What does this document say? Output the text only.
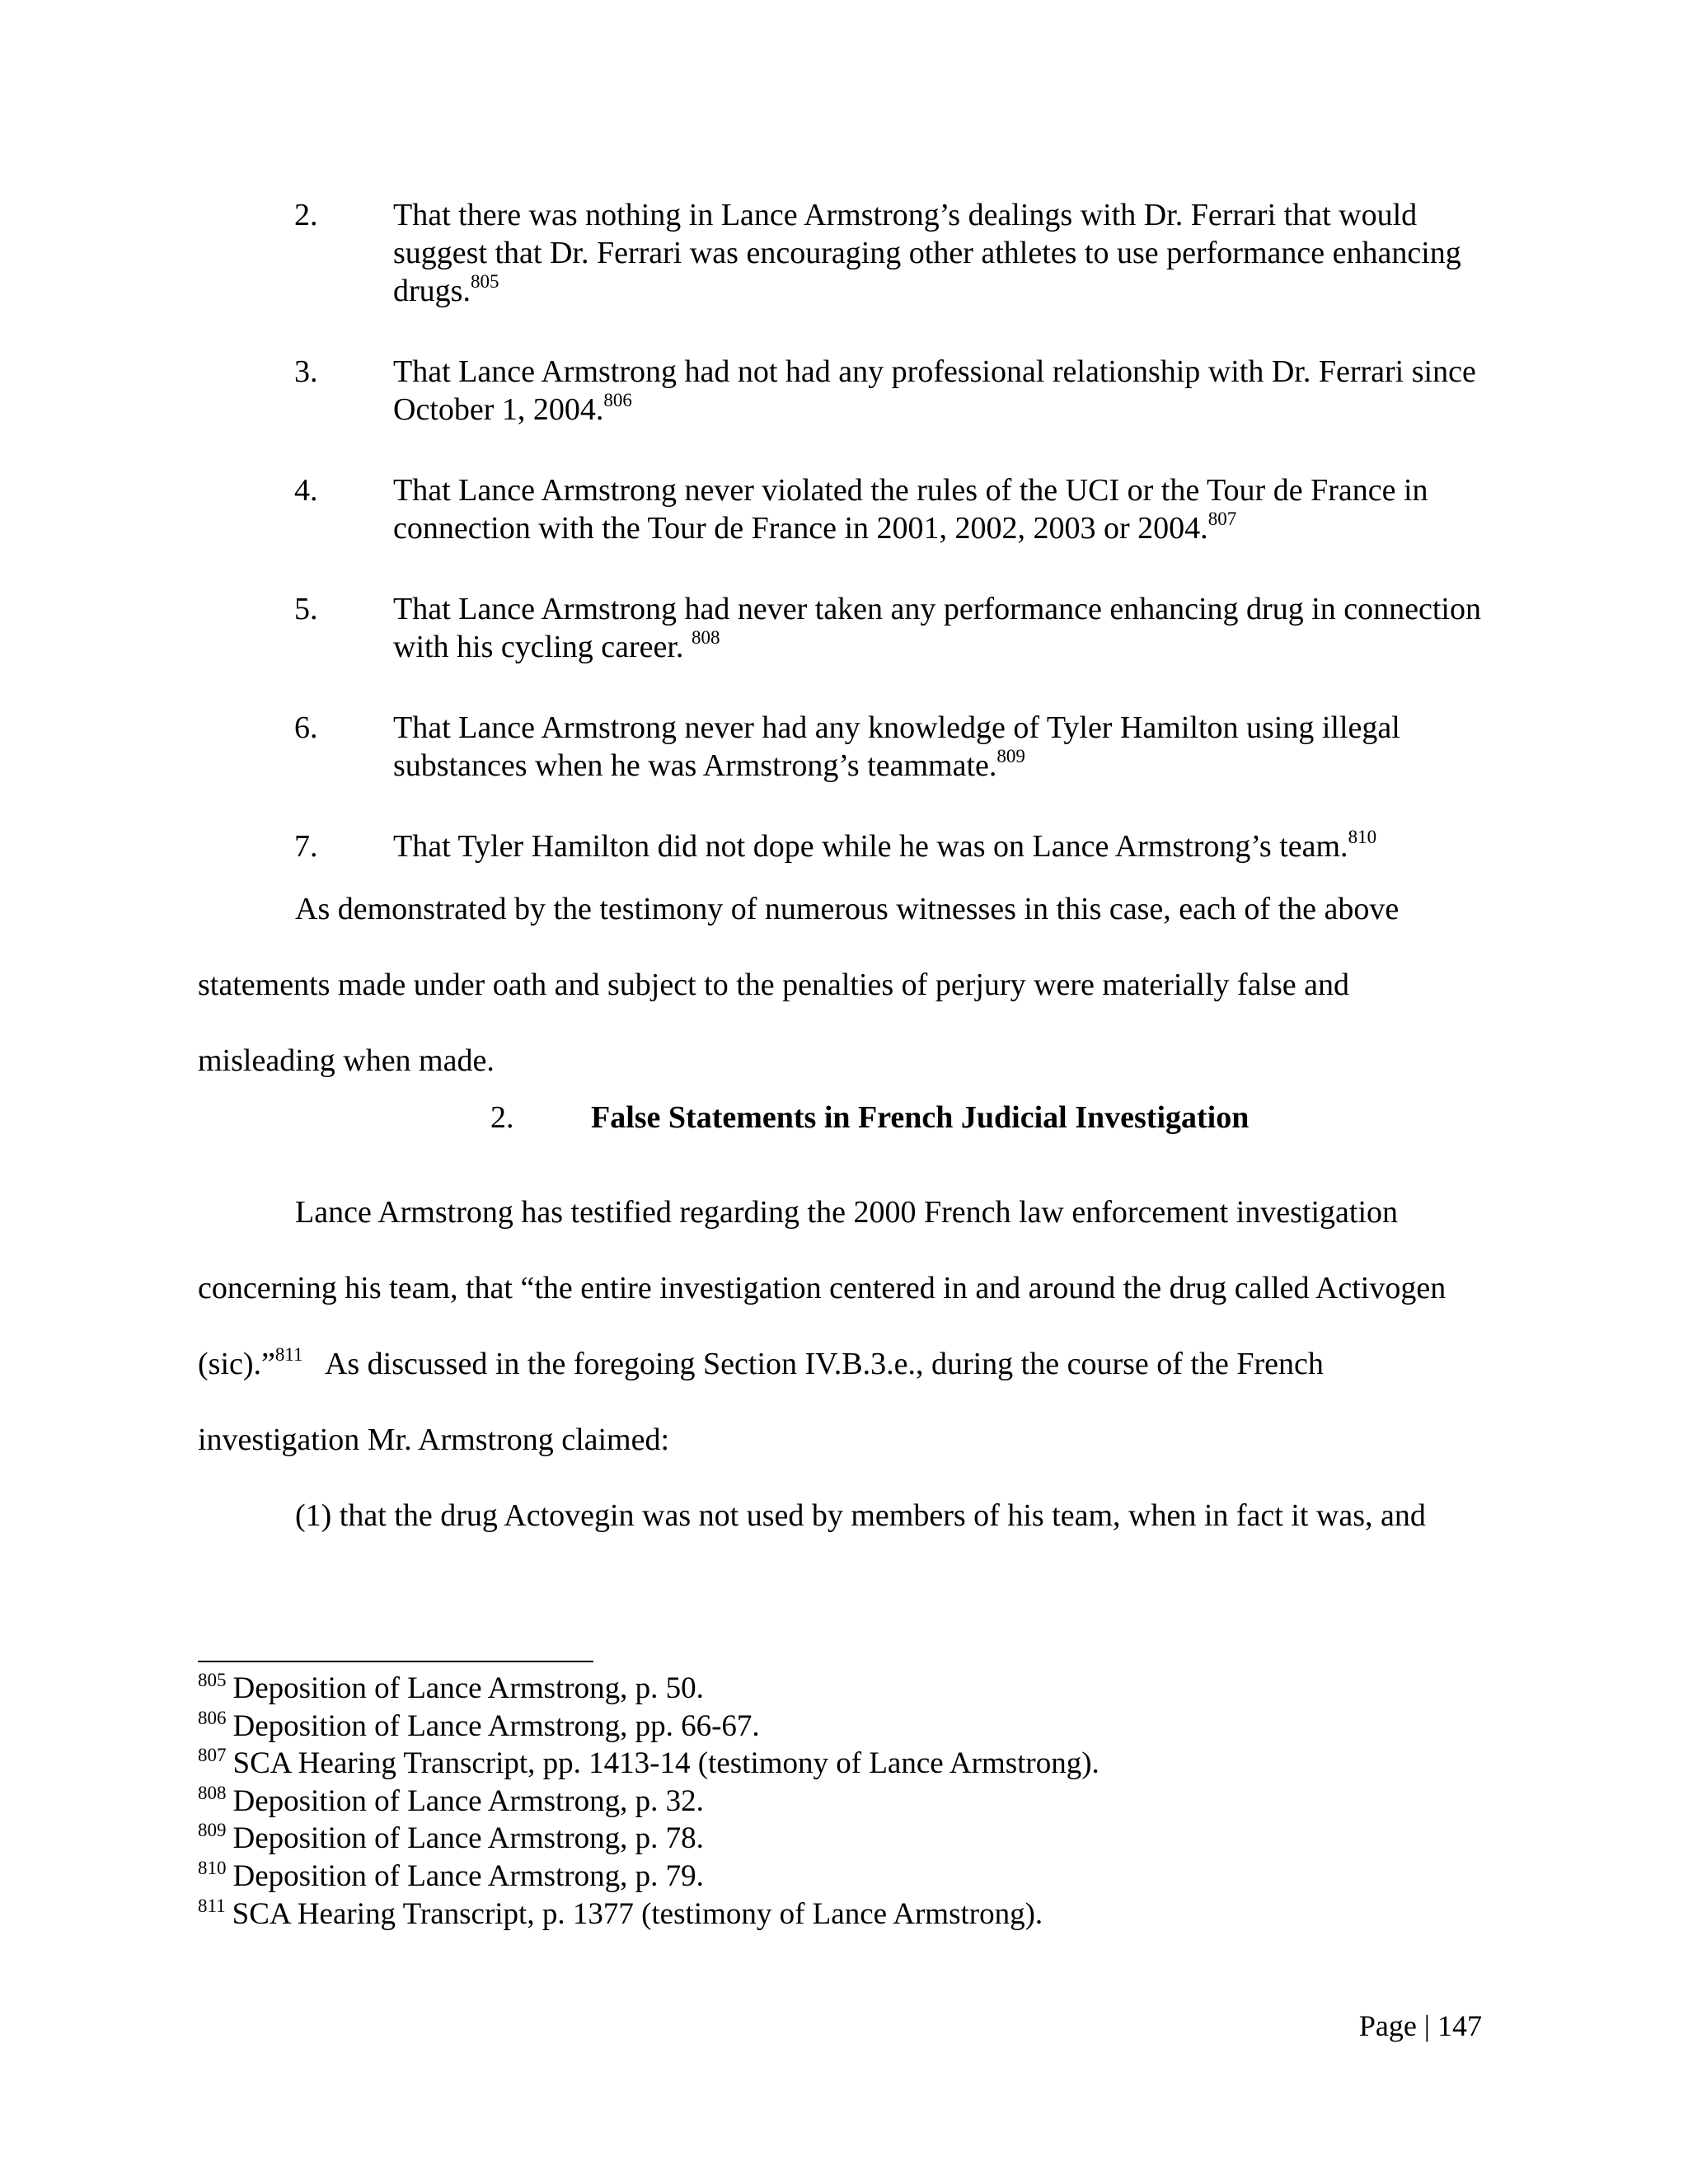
2.	That there was nothing in Lance Armstrong’s dealings with Dr. Ferrari that would suggest that Dr. Ferrari was encouraging other athletes to use performance enhancing drugs.$^{805}$
3.	That Lance Armstrong had not had any professional relationship with Dr. Ferrari since October 1, 2004.$^{806}$
4.	That Lance Armstrong never violated the rules of the UCI or the Tour de France in connection with the Tour de France in 2001, 2002, 2003 or 2004.$^{807}$
5.	That Lance Armstrong had never taken any performance enhancing drug in connection with his cycling career. $^{808}$
6.	That Lance Armstrong never had any knowledge of Tyler Hamilton using illegal substances when he was Armstrong’s teammate.$^{809}$
7.	That Tyler Hamilton did not dope while he was on Lance Armstrong’s team.$^{810}$
As demonstrated by the testimony of numerous witnesses in this case, each of the above statements made under oath and subject to the penalties of perjury were materially false and misleading when made.
2. False Statements in French Judicial Investigation
Lance Armstrong has testified regarding the 2000 French law enforcement investigation concerning his team, that “the entire investigation centered in and around the drug called Activogen (sic).”$^{811}$   As discussed in the foregoing Section IV.B.3.e., during the course of the French investigation Mr. Armstrong claimed:
(1) that the drug Actovegin was not used by members of his team, when in fact it was, and
$^{805}$ Deposition of Lance Armstrong, p. 50.
$^{806}$ Deposition of Lance Armstrong, pp. 66-67.
$^{807}$ SCA Hearing Transcript, pp. 1413-14 (testimony of Lance Armstrong).
$^{808}$ Deposition of Lance Armstrong, p. 32.
$^{809}$ Deposition of Lance Armstrong, p. 78.
$^{810}$ Deposition of Lance Armstrong, p. 79.
$^{811}$ SCA Hearing Transcript, p. 1377 (testimony of Lance Armstrong).
Page | 147
